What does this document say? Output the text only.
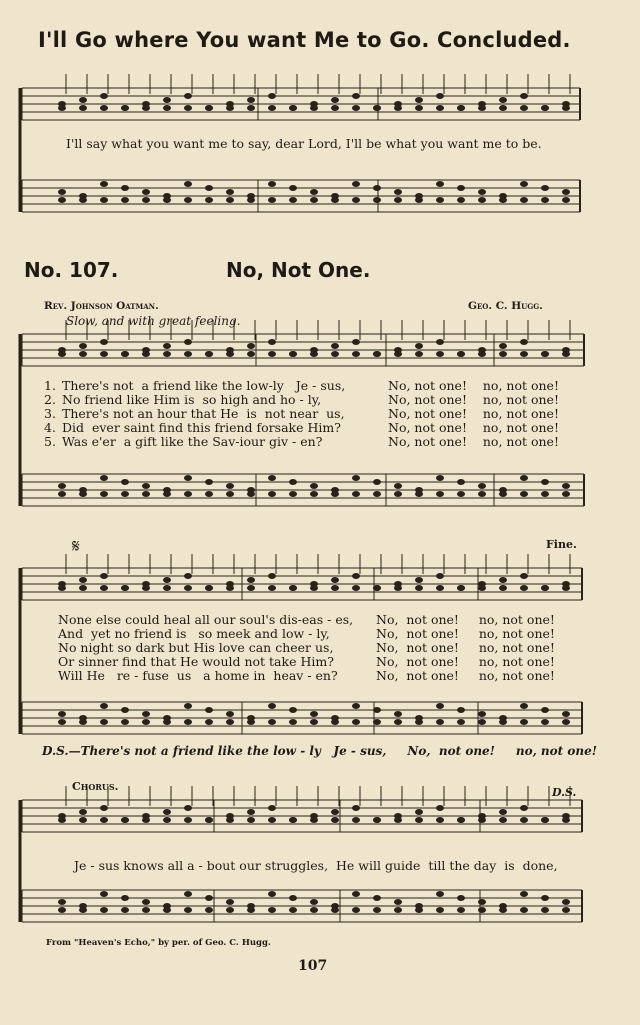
I'll Go where You want Me to Go. Concluded.
I'll say what you want me to say, dear Lord, I'll be what you want me to be.
No. 107.	No, Not One.
Rev. Johnson Oatman.	Geo. C. Hugg.
Slow, and with great feeling.
1. There's not  a friend like the low-ly   Je - sus,	No, not one!    no, not one!
2. No friend like Him is  so high and ho - ly,	No, not one!    no, not one!
3. There's not an hour that He  is  not near  us,	No, not one!    no, not one!
4. Did  ever saint find this friend forsake Him?	No, not one!    no, not one!
5. Was e'er  a gift like the Sav-iour giv - en?	No, not one!    no, not one!
Fine.
𝄋
None else could heal all our soul's dis-eas - es, No,  not one!     no, not one!
And  yet no friend is   so meek and low - ly,	No,  not one!     no, not one!
No night so dark but His love can cheer us,	No,  not one!     no, not one!
Or sinner find that He would not take Him?	No,  not one!     no, not one!
Will He   re - fuse  us   a home in  heav - en?	No,  not one!     no, not one!
D.S.—There's not a friend like the low - ly   Je - sus,     No,  not one!     no, not one!
Chorus.	D.S.
Je - sus knows all a - bout our struggles,  He will guide  till the day  is  done,
From "Heaven's Echo," by per. of Geo. C. Hugg.
107
